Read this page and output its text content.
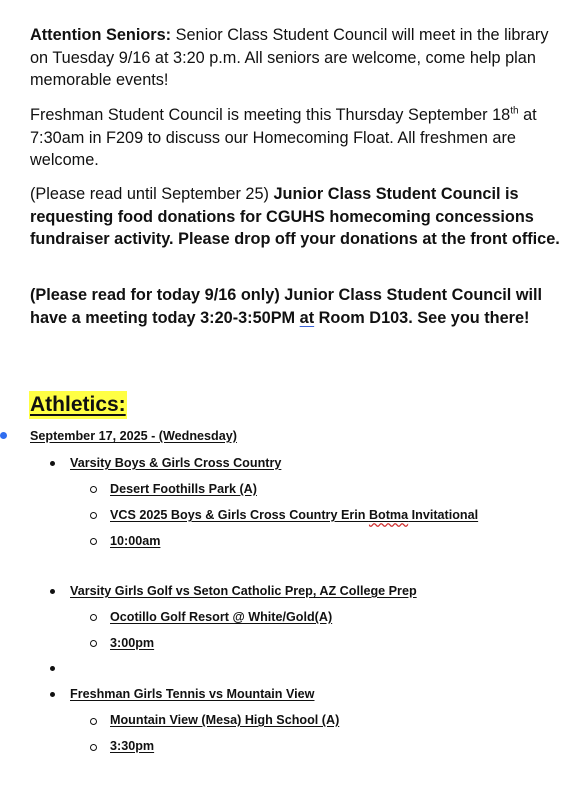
Attention Seniors: Senior Class Student Council will meet in the library on Tuesday 9/16 at 3:20 p.m. All seniors are welcome, come help plan memorable events!

Freshman Student Council is meeting this Thursday September 18th at 7:30am in F209 to discuss our Homecoming Float. All freshmen are welcome.

(Please read until September 25) Junior Class Student Council is requesting food donations for CGUHS homecoming concessions fundraiser activity. Please drop off your donations at the front office.

(Please read for today 9/16 only) Junior Class Student Council will have a meeting today 3:20-3:50PM at Room D103. See you there!

Athletics:
September 17, 2025 - (Wednesday)
Varsity Boys & Girls Cross Country
Desert Foothills Park (A)
VCS 2025 Boys & Girls Cross Country Erin Botma Invitational
10:00am
Varsity Girls Golf vs Seton Catholic Prep, AZ College Prep
Ocotillo Golf Resort @ White/Gold(A)
3:00pm
Freshman Girls Tennis vs Mountain View
Mountain View (Mesa) High School (A)
3:30pm
